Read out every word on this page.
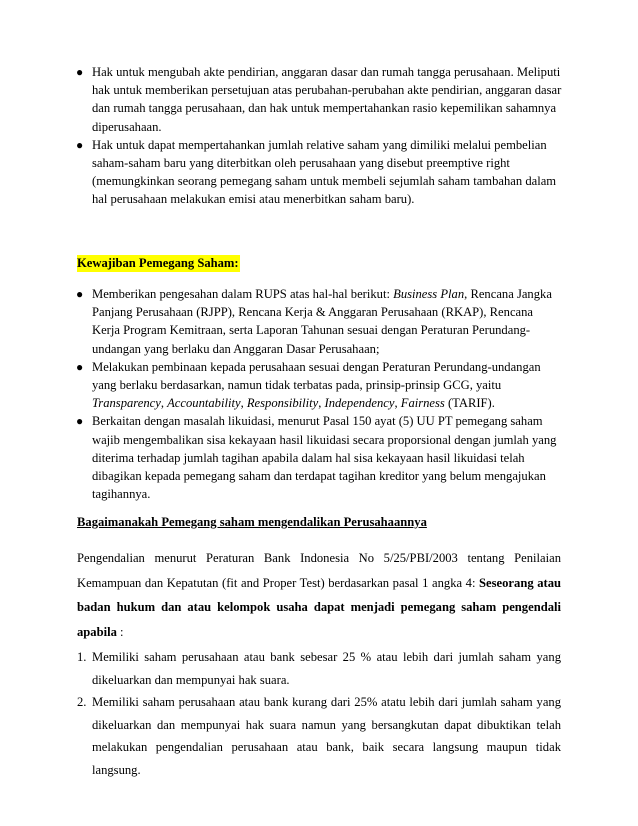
● Hak untuk mengubah akte pendirian, anggaran dasar dan rumah tangga perusahaan. Meliputi hak untuk memberikan persetujuan atas perubahan-perubahan akte pendirian, anggaran dasar dan rumah tangga perusahaan, dan hak untuk mempertahankan rasio kepemilikan sahamnya diperusahaan.
● Hak untuk dapat mempertahankan jumlah relative saham yang dimiliki melalui pembelian saham-saham baru yang diterbitkan oleh perusahaan yang disebut preemptive right (memungkinkan seorang pemegang saham untuk membeli sejumlah saham tambahan dalam hal perusahaan melakukan emisi atau menerbitkan saham baru).
Kewajiban Pemegang Saham:
● Memberikan pengesahan dalam RUPS atas hal-hal berikut: Business Plan, Rencana Jangka Panjang Perusahaan (RJPP), Rencana Kerja & Anggaran Perusahaan (RKAP), Rencana Kerja Program Kemitraan, serta Laporan Tahunan sesuai dengan Peraturan Perundang-undangan yang berlaku dan Anggaran Dasar Perusahaan;
● Melakukan pembinaan kepada perusahaan sesuai dengan Peraturan Perundang-undangan yang berlaku berdasarkan, namun tidak terbatas pada, prinsip-prinsip GCG, yaitu Transparency, Accountability, Responsibility, Independency, Fairness (TARIF).
● Berkaitan dengan masalah likuidasi, menurut Pasal 150 ayat (5) UU PT pemegang saham wajib mengembalikan sisa kekayaan hasil likuidasi secara proporsional dengan jumlah yang diterima terhadap jumlah tagihan apabila dalam hal sisa kekayaan hasil likuidasi telah dibagikan kepada pemegang saham dan terdapat tagihan kreditor yang belum mengajukan tagihannya.
Bagaimanakah Pemegang saham mengendalikan Perusahaannya
Pengendalian menurut Peraturan Bank Indonesia No 5/25/PBI/2003 tentang Penilaian Kemampuan dan Kepatutan (fit and Proper Test) berdasarkan pasal 1 angka 4: Seseorang atau badan hukum dan atau kelompok usaha dapat menjadi pemegang saham pengendali apabila :
1. Memiliki saham perusahaan atau bank sebesar 25 % atau lebih dari jumlah saham yang dikeluarkan dan mempunyai hak suara.
2. Memiliki saham perusahaan atau bank kurang dari 25% atatu lebih dari jumlah saham yang dikeluarkan dan mempunyai hak suara namun yang bersangkutan dapat dibuktikan telah melakukan pengendalian perusahaan atau bank, baik secara langsung maupun tidak langsung.
